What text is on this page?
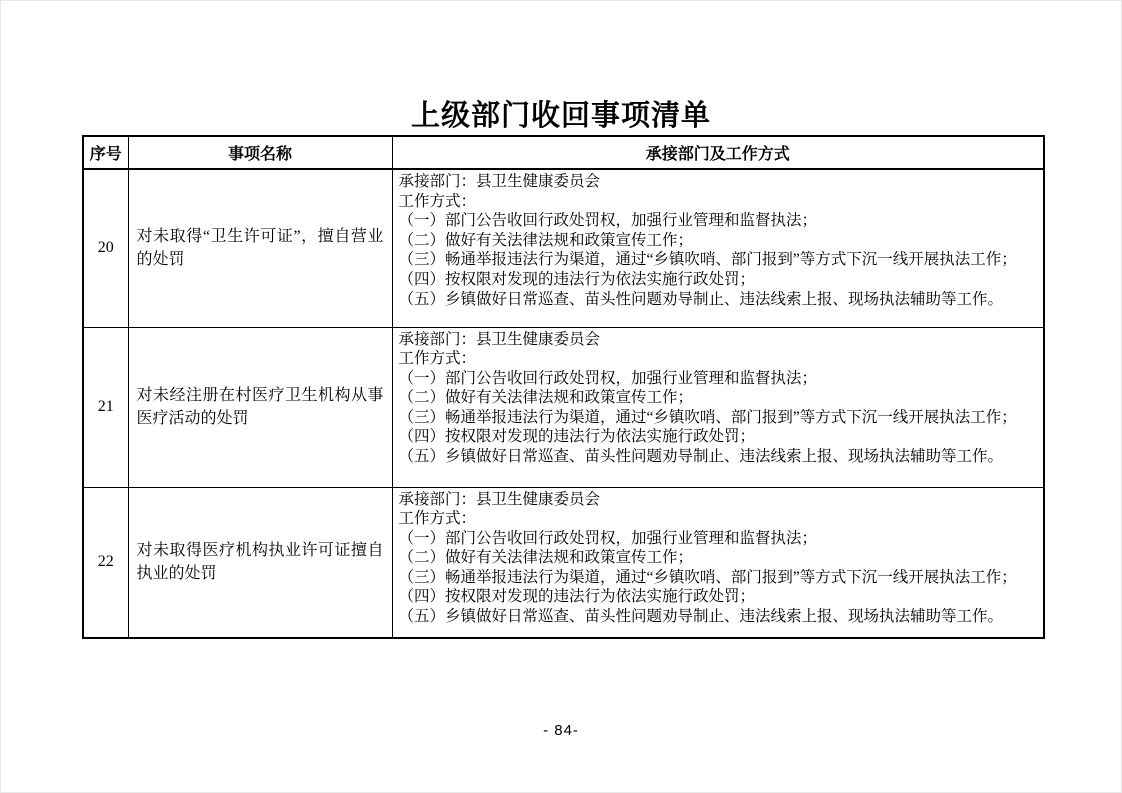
上级部门收回事项清单
序号	事项名称	承接部门及工作方式
20	对未取得“卫生许可证”，擅自营业的处罚	
承接部门：县卫生健康委员会
工作方式：
（一）部门公告收回行政处罚权，加强行业管理和监督执法；
（二）做好有关法律法规和政策宣传工作；
（三）畅通举报违法行为渠道，通过“乡镇吹哨、部门报到”等方式下沉一线开展执法工作；
（四）按权限对发现的违法行为依法实施行政处罚；
（五）乡镇做好日常巡查、苗头性问题劝导制止、违法线索上报、现场执法辅助等工作。

21	对未经注册在村医疗卫生机构从事医疗活动的处罚	
承接部门：县卫生健康委员会
工作方式：
（一）部门公告收回行政处罚权，加强行业管理和监督执法；
（二）做好有关法律法规和政策宣传工作；
（三）畅通举报违法行为渠道，通过“乡镇吹哨、部门报到”等方式下沉一线开展执法工作；
（四）按权限对发现的违法行为依法实施行政处罚；
（五）乡镇做好日常巡查、苗头性问题劝导制止、违法线索上报、现场执法辅助等工作。

22	对未取得医疗机构执业许可证擅自执业的处罚	
承接部门：县卫生健康委员会
工作方式：
（一）部门公告收回行政处罚权，加强行业管理和监督执法；
（二）做好有关法律法规和政策宣传工作；
（三）畅通举报违法行为渠道，通过“乡镇吹哨、部门报到”等方式下沉一线开展执法工作；
（四）按权限对发现的违法行为依法实施行政处罚；
（五）乡镇做好日常巡查、苗头性问题劝导制止、违法线索上报、现场执法辅助等工作。
- 84-
